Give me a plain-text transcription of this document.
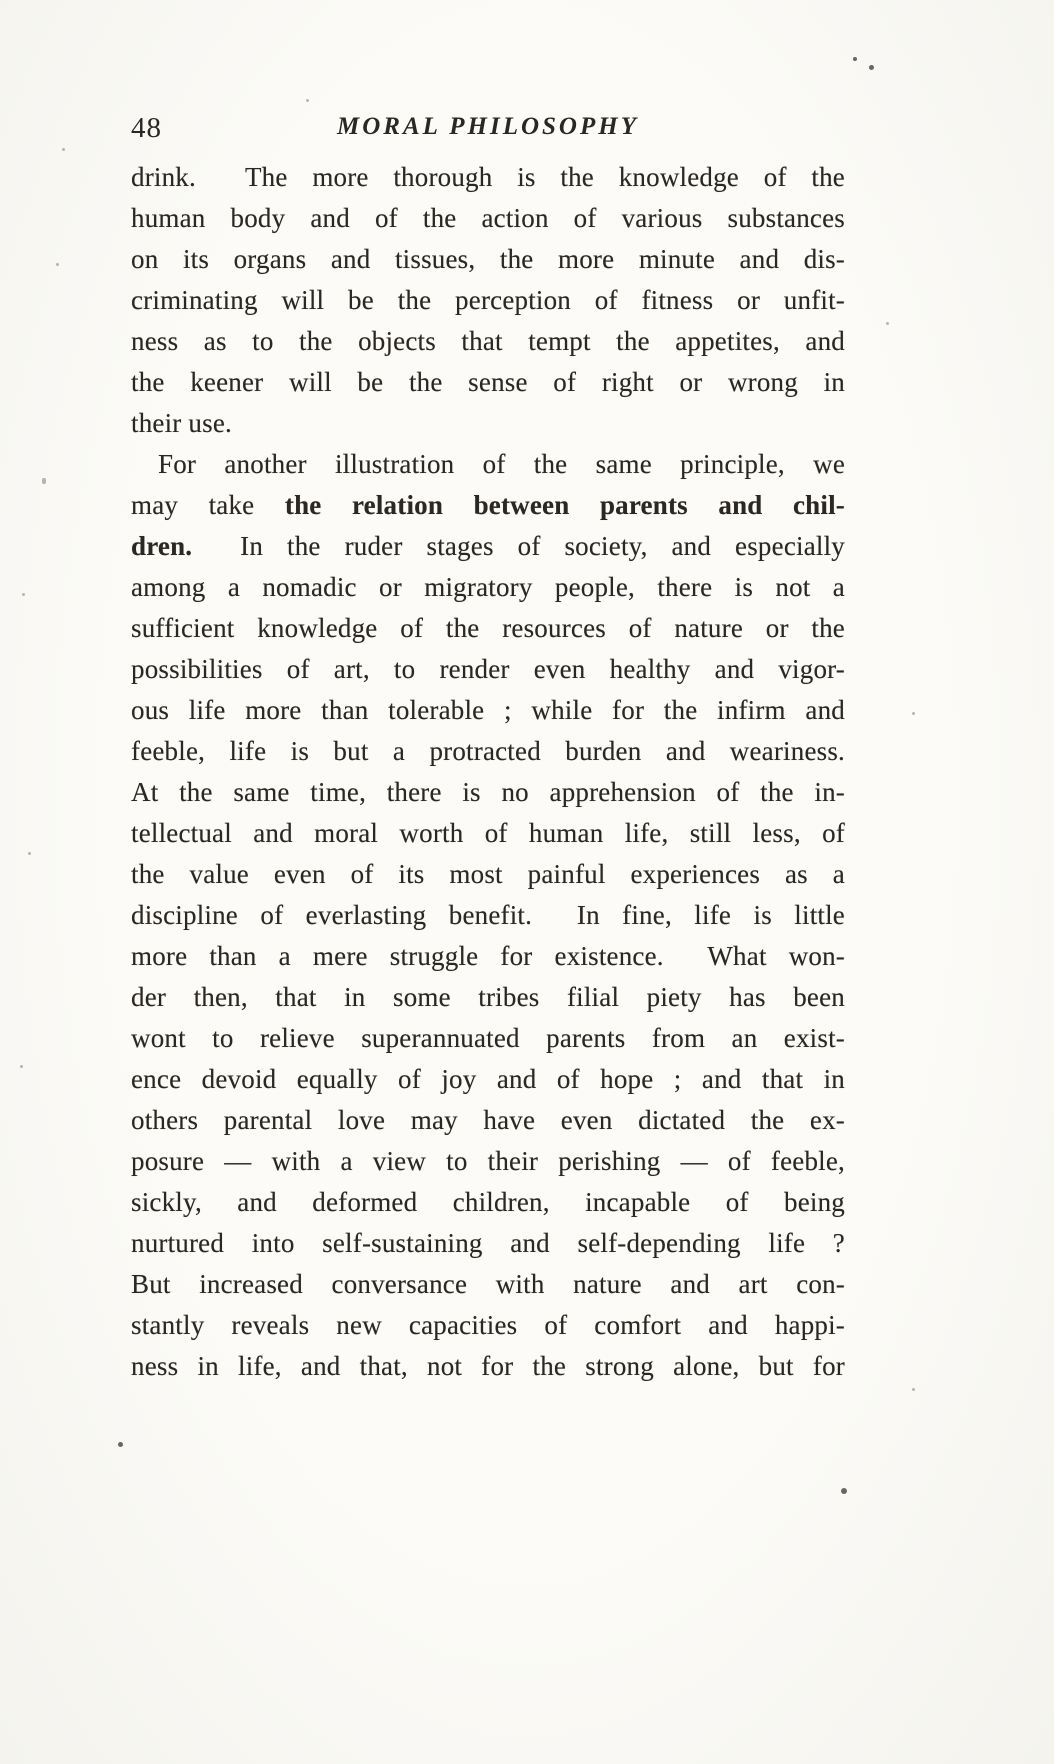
48	MORAL PHILOSOPHY
drink.  The more thorough is the knowledge of the
human body and of the action of various substances
on its organs and tissues, the more minute and dis-
criminating will be the perception of fitness or unfit-
ness as to the objects that tempt the appetites, and
the keener will be the sense of right or wrong in
their use.
For another illustration of the same principle, we
may take the relation between parents and chil-
dren.  In the ruder stages of society, and especially
among a nomadic or migratory people, there is not a
sufficient knowledge of the resources of nature or the
possibilities of art, to render even healthy and vigor-
ous life more than tolerable ; while for the infirm and
feeble, life is but a protracted burden and weariness.
At the same time, there is no apprehension of the in-
tellectual and moral worth of human life, still less, of
the value even of its most painful experiences as a
discipline of everlasting benefit.  In fine, life is little
more than a mere struggle for existence.  What won-
der then, that in some tribes filial piety has been
wont to relieve superannuated parents from an exist-
ence devoid equally of joy and of hope ; and that in
others parental love may have even dictated the ex-
posure — with a view to their perishing — of feeble,
sickly, and deformed children, incapable of being
nurtured into self-sustaining and self-depending life ?
But increased conversance with nature and art con-
stantly reveals new capacities of comfort and happi-
ness in life, and that, not for the strong alone, but for
